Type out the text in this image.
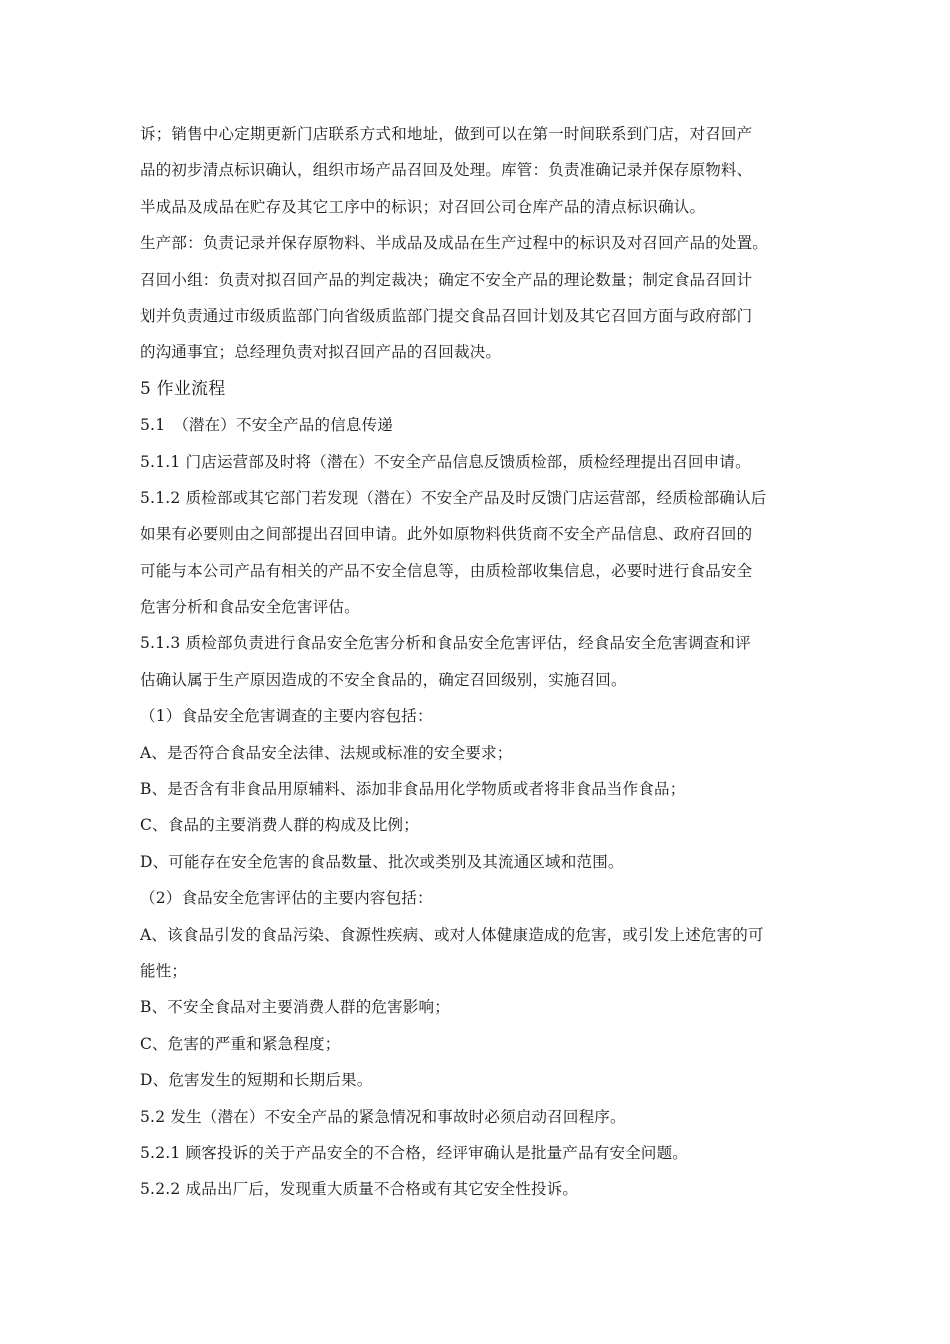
诉；销售中心定期更新门店联系方式和地址，做到可以在第一时间联系到门店，对召回产
品的初步清点标识确认，组织市场产品召回及处理。库管：负责准确记录并保存原物料、
半成品及成品在贮存及其它工序中的标识；对召回公司仓库产品的清点标识确认。
生产部：负责记录并保存原物料、半成品及成品在生产过程中的标识及对召回产品的处置。
召回小组：负责对拟召回产品的判定裁决；确定不安全产品的理论数量；制定食品召回计
划并负责通过市级质监部门向省级质监部门提交食品召回计划及其它召回方面与政府部门
的沟通事宜；总经理负责对拟召回产品的召回裁决。
5 作业流程
5.1　（潜在）不安全产品的信息传递
5.1.1 门店运营部及时将（潜在）不安全产品信息反馈质检部，质检经理提出召回申请。
5.1.2 质检部或其它部门若发现（潜在）不安全产品及时反馈门店运营部，经质检部确认后
如果有必要则由之间部提出召回申请。此外如原物料供货商不安全产品信息、政府召回的
可能与本公司产品有相关的产品不安全信息等，由质检部收集信息，必要时进行食品安全
危害分析和食品安全危害评估。
5.1.3 质检部负责进行食品安全危害分析和食品安全危害评估，经食品安全危害调查和评
估确认属于生产原因造成的不安全食品的，确定召回级别，实施召回。
（1）食品安全危害调查的主要内容包括：
A、是否符合食品安全法律、法规或标准的安全要求；
B、是否含有非食品用原辅料、添加非食品用化学物质或者将非食品当作食品；
C、食品的主要消费人群的构成及比例；
D、可能存在安全危害的食品数量、批次或类别及其流通区域和范围。
（2）食品安全危害评估的主要内容包括：
A、该食品引发的食品污染、食源性疾病、或对人体健康造成的危害，或引发上述危害的可
能性；
B、不安全食品对主要消费人群的危害影响；
C、危害的严重和紧急程度；
D、危害发生的短期和长期后果。
5.2 发生（潜在）不安全产品的紧急情况和事故时必须启动召回程序。
5.2.1 顾客投诉的关于产品安全的不合格，经评审确认是批量产品有安全问题。
5.2.2 成品出厂后，发现重大质量不合格或有其它安全性投诉。
